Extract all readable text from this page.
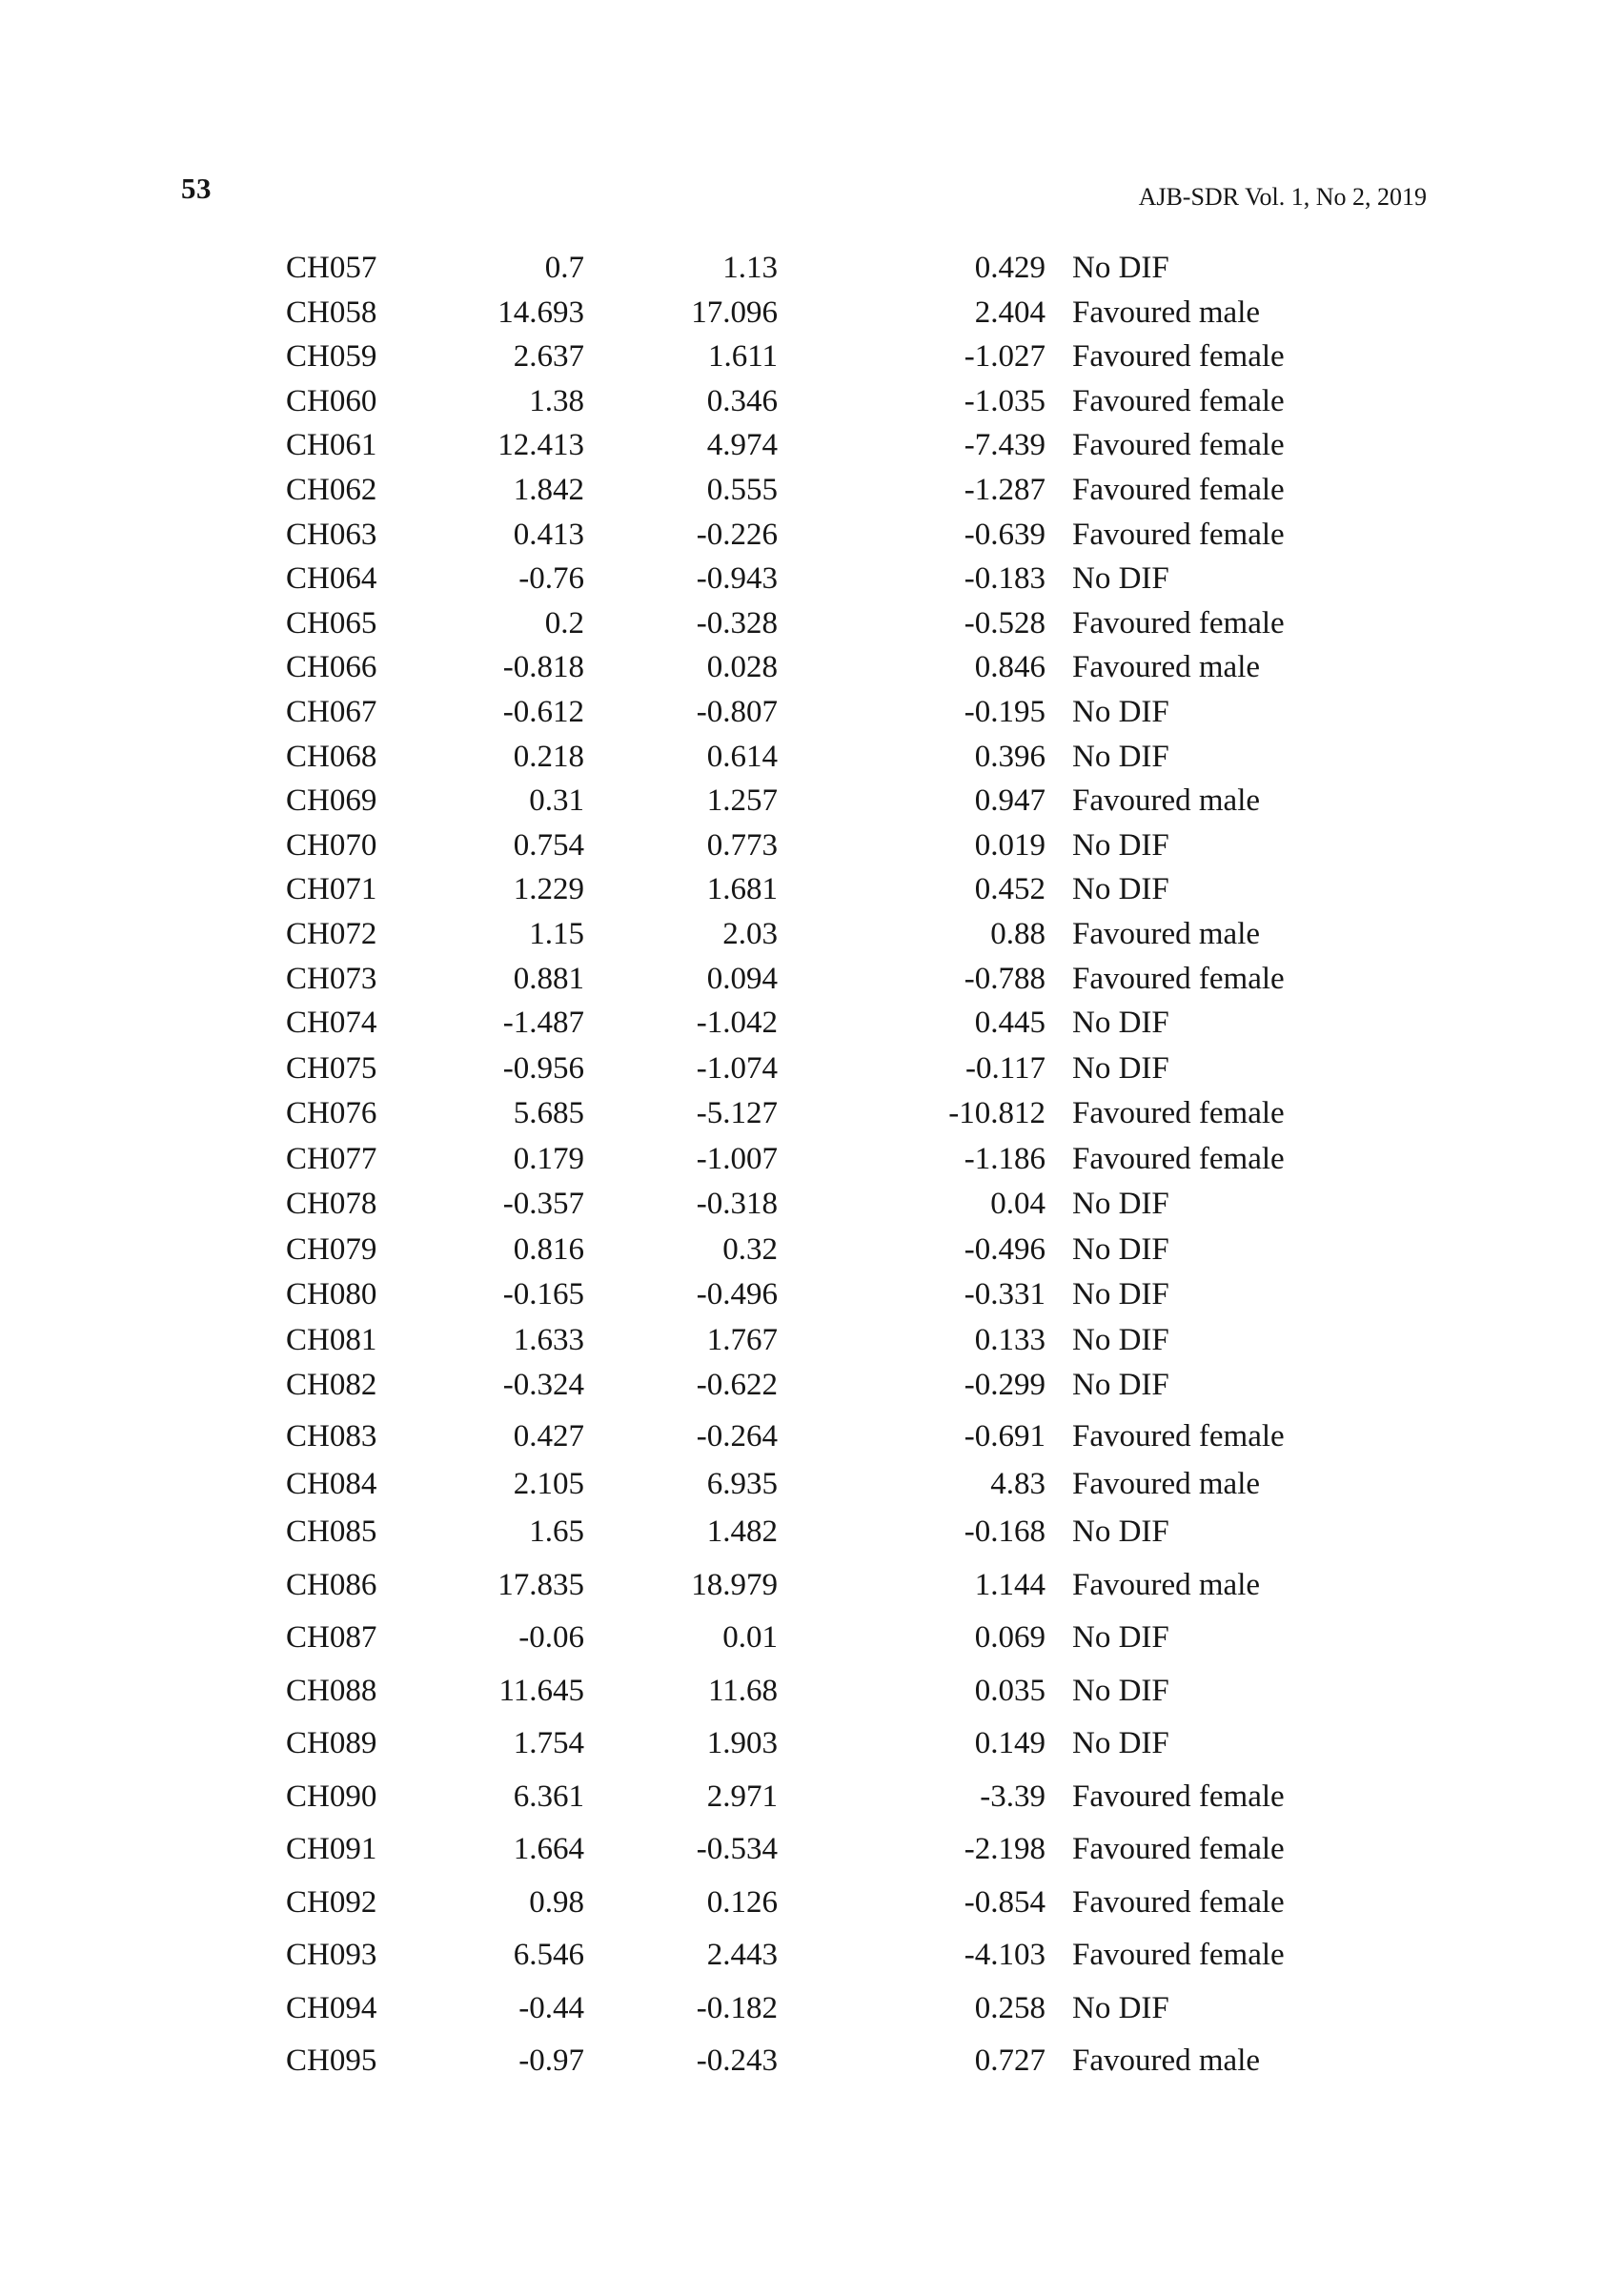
53	AJB-SDR Vol. 1, No 2, 2019
CH057	0.7	1.13	0.429 No DIF
CH058	14.693	17.096	2.404 Favoured male
CH059	2.637	1.611	-1.027 Favoured female
CH060	1.38	0.346	-1.035 Favoured female
CH061	12.413	4.974	-7.439 Favoured female
CH062	1.842	0.555	-1.287 Favoured female
CH063	0.413	-0.226	-0.639 Favoured female
CH064	-0.76	-0.943	-0.183 No DIF
CH065	0.2	-0.328	-0.528 Favoured female
CH066	-0.818	0.028	0.846 Favoured male
CH067	-0.612	-0.807	-0.195 No DIF
CH068	0.218	0.614	0.396 No DIF
CH069	0.31	1.257	0.947 Favoured male
CH070	0.754	0.773	0.019 No DIF
CH071	1.229	1.681	0.452 No DIF
CH072	1.15	2.03	0.88 Favoured male
CH073	0.881	0.094	-0.788 Favoured female
CH074	-1.487	-1.042	0.445 No DIF
CH075	-0.956	-1.074	-0.117 No DIF
CH076	5.685	-5.127	-10.812 Favoured female
CH077	0.179	-1.007	-1.186 Favoured female
CH078	-0.357	-0.318	0.04 No DIF
CH079	0.816	0.32	-0.496 No DIF
CH080	-0.165	-0.496	-0.331 No DIF
CH081	1.633	1.767	0.133 No DIF
CH082	-0.324	-0.622	-0.299 No DIF
CH083	0.427	-0.264	-0.691 Favoured female
CH084	2.105	6.935	4.83 Favoured male
CH085	1.65	1.482	-0.168 No DIF
CH086	17.835	18.979	1.144 Favoured male
CH087	-0.06	0.01	0.069 No DIF
CH088	11.645	11.68	0.035 No DIF
CH089	1.754	1.903	0.149 No DIF
CH090	6.361	2.971	-3.39 Favoured female
CH091	1.664	-0.534	-2.198 Favoured female
CH092	0.98	0.126	-0.854 Favoured female
CH093	6.546	2.443	-4.103 Favoured female
CH094	-0.44	-0.182	0.258 No DIF
CH095	-0.97	-0.243	0.727 Favoured male
